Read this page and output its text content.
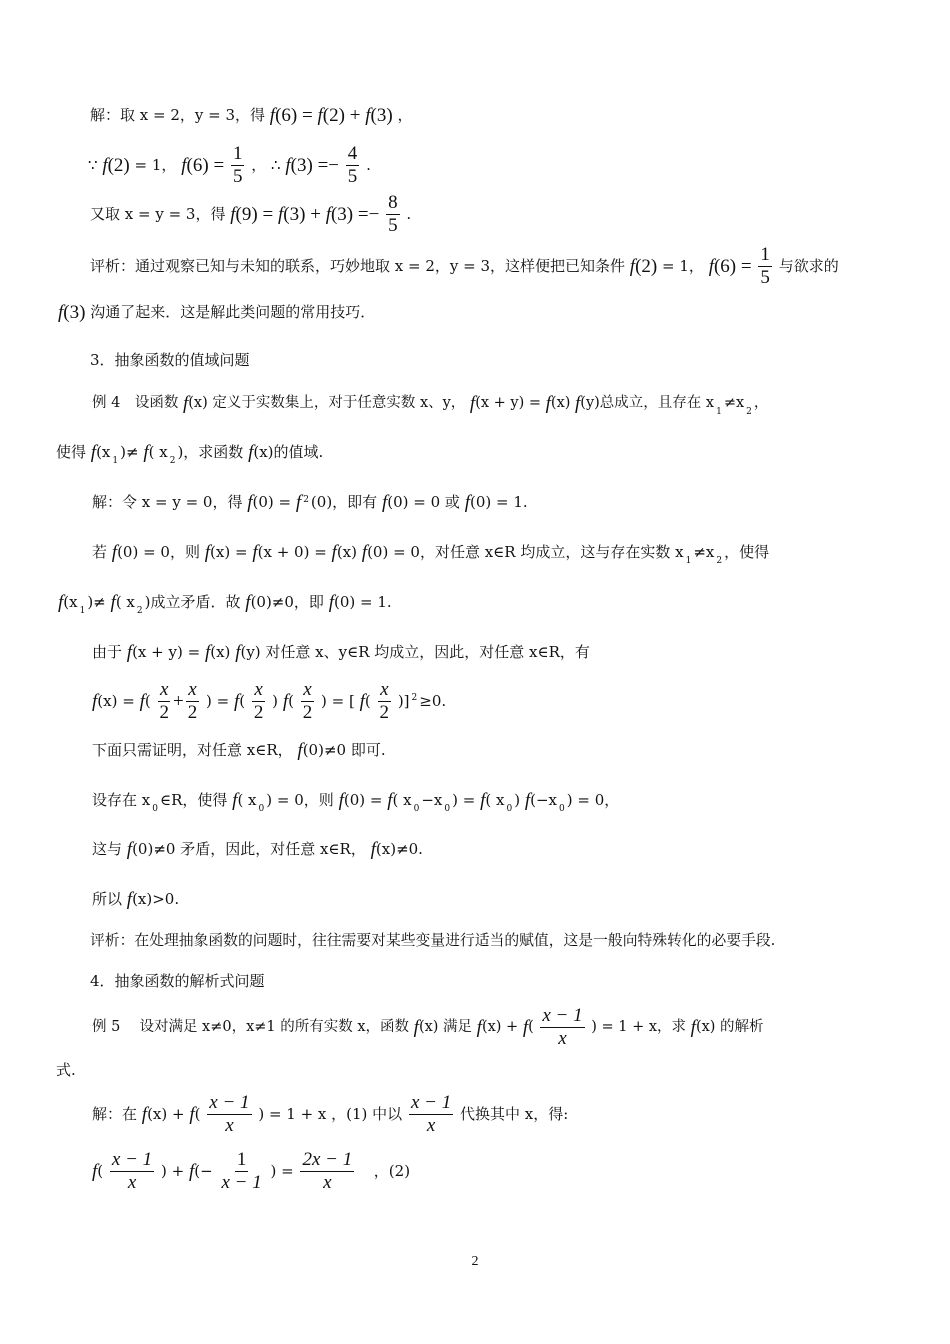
解：取 x = 2，y = 3，得 f(6) = f(2) + f(3) ，
∵ f(2) = 1， $f(6) = \frac{1}{5}$ ， ∴ $f(3) =- \frac{4}{5}$ .
又取 x = y = 3，得 $f(9) = f(3) + f(3) =- \frac{8}{5}$ .
评析：通过观察已知与未知的联系，巧妙地取 x = 2，y = 3，这样便把已知条件 f(2) = 1， $f(6) = \frac{1}{5}$ 与欲求的
f(3) 沟通了起来．这是解此类问题的常用技巧．
3．抽象函数的值域问题
例 4　设函数 f(x) 定义于实数集上，对于任意实数 x、y， f(x + y) = f(x) f(y)总成立，且存在 x1≠x2，
使得 f(x 1 )≠ f( x 2 )，求函数 f(x)的值域.
解：令 x = y = 0，得 f(0) = f 2 (0)，即有 f(0) = 0 或 f(0) = 1.
若 f(0) = 0，则 f(x) = f(x + 0) = f(x) f(0) = 0，对任意 x∈R 均成立，这与存在实数 x 1≠x 2 ，使得
f(x 1 )≠ f( x 2 )成立矛盾．故 f(0)≠0，即 f(0) = 1.
由于 f(x + y) = f(x) f(y) 对任意 x、y∈R 均成立，因此，对任意 x∈R，有
$f(x) = f( \frac{x}{2} + \frac{x}{2}$ ) = $f( \frac{x}{2}$ ) $f( \frac{x}{2}$ ) = [ $f( \frac{x}{2}$ )] 2 ≥0.
下面只需证明，对任意 x∈R， f(0)≠0 即可.
设存在 x 0 ∈R，使得 f( x 0 ) = 0，则 f(0) = f( x 0 −x 0 ) = f( x 0 ) f(−x 0 ) = 0，
这与 f(0)≠0 矛盾，因此，对任意 x∈R， f(x)≠0.
所以 f(x)>0.
评析：在处理抽象函数的问题时，往往需要对某些变量进行适当的赋值，这是一般向特殊转化的必要手段.
4．抽象函数的解析式问题
例 5　 设对满足 x≠0，x≠1 的所有实数 x，函数 f(x) 满足 $f(x) + f( \frac{x - 1}{x}$ ) = 1 + x，求 f(x) 的解析
式.
解：在 $f(x) + f( \frac{x - 1}{x}$ ) = 1 + x ，(1) 中以 $\frac{x - 1}{x}$ 代换其中 x，得:
$f( \frac{x - 1}{x}$ ) + $f(- \frac{1}{x - 1}$ ) = $\frac{2x - 1}{x}$ ，(2)
2
